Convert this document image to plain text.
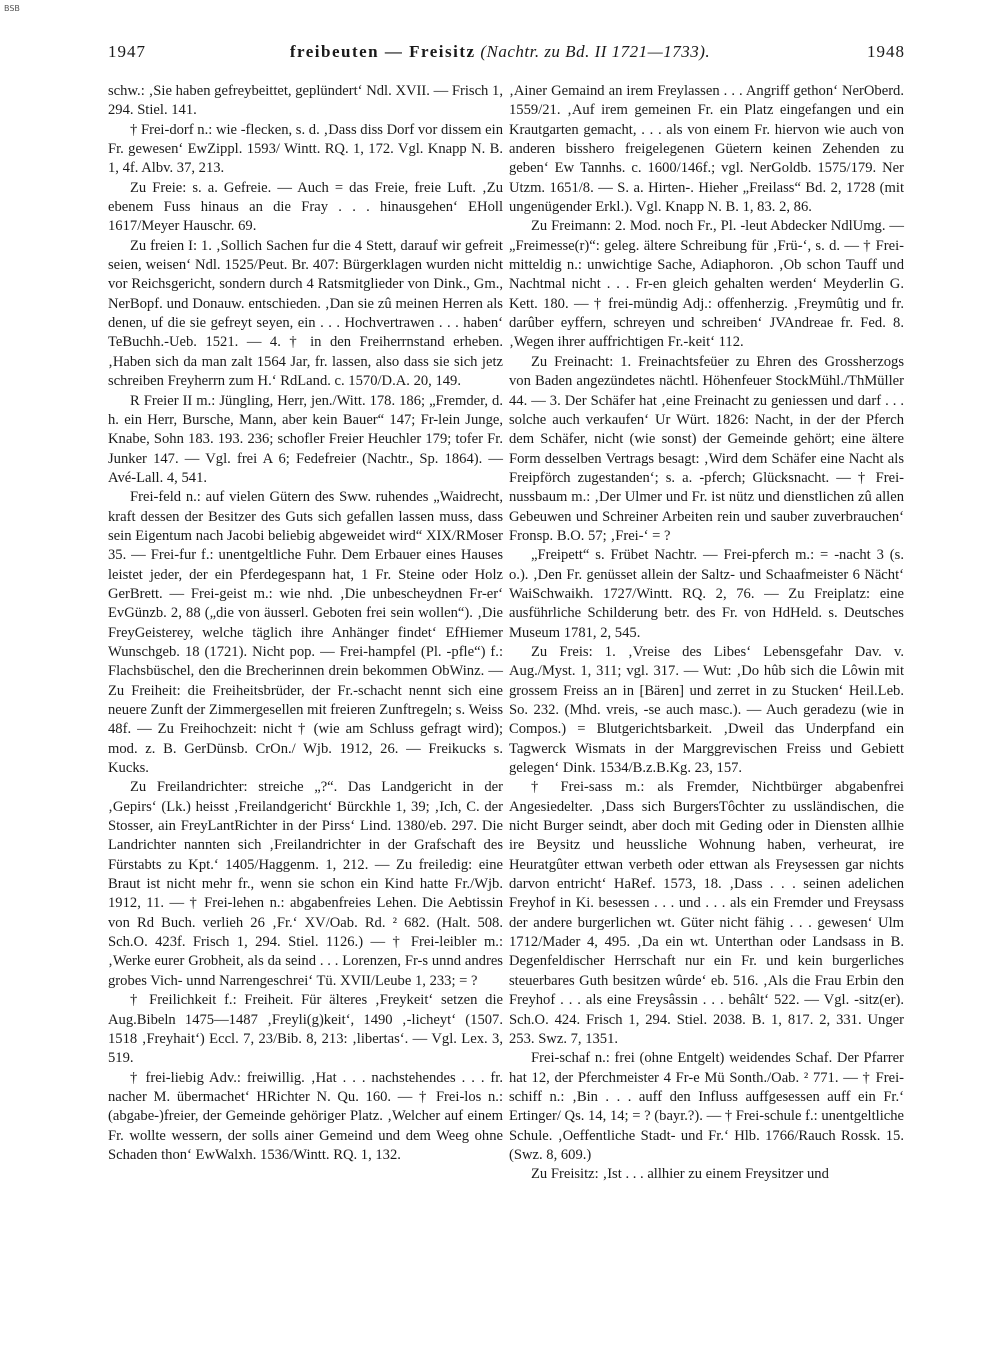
BSB
1947	freibeuten — Freisitz (Nachtr. zu Bd. II 1721—1733).	1948

schw.: ‚Sie haben gefreybeittet, geplündert‘ Ndl. XVII. — Frisch 1, 294. Stiel. 141.

† Frei-dorf n.: wie -flecken, s. d. ‚Dass diss Dorf vor dissem ein Fr. gewesen‘ EwZippl. 1593/ Wintt. RQ. 1, 172. Vgl. Knapp N. B. 1, 4f. Albv. 37, 213.

Zu Freie: s. a. Gefreie. — Auch = das Freie, freie Luft. ‚Zu ebenem Fuss hinaus an die Fray . . . hinausgehen‘ EHoll 1617/Meyer Hauschr. 69.

Zu freien I: 1. ‚Sollich Sachen fur die 4 Stett, darauf wir gefreit seien, weisen‘ Ndl. 1525/Peut. Br. 407: Bürgerklagen wurden nicht vor Reichsgericht, sondern durch 4 Ratsmitglieder von Dink., Gm., NerBopf. und Donauw. entschieden. ‚Dan sie zû meinen Herren als denen, uf die sie gefreyt seyen, ein . . . Hochvertrawen . . . haben‘ TeBuchh.-Ueb. 1521. — 4. † in den Freiherrnstand erheben. ‚Haben sich da man zalt 1564 Jar, fr. lassen, also dass sie sich jetz schreiben Freyherrn zum H.‘ RdLand. c. 1570/D.A. 20, 149.

R Freier II m.: Jüngling, Herr, jen./Witt. 178. 186; „Fremder, d. h. ein Herr, Bursche, Mann, aber kein Bauer“ 147; Fr-lein Junge, Knabe, Sohn 183. 193. 236; schofler Freier Heuchler 179; tofer Fr. Junker 147. — Vgl. frei A 6; Fedefreier (Nachtr., Sp. 1864). — Avé-Lall. 4, 541.

Frei-feld n.: auf vielen Gütern des Sww. ruhendes „Waidrecht, kraft dessen der Besitzer des Guts sich gefallen lassen muss, dass sein Eigentum nach Jacobi beliebig abgeweidet wird“ XIX/RMoser 35. — Frei-fur f.: unentgeltliche Fuhr. Dem Erbauer eines Hauses leistet jeder, der ein Pferdegespann hat, 1 Fr. Steine oder Holz GerBrett. — Frei-geist m.: wie nhd. ‚Die unbescheydnen Fr-er‘ EvGünzb. 2, 88 („die von äusserl. Geboten frei sein wollen“). ‚Die FreyGeisterey, welche täglich ihre Anhänger findet‘ EfHiemer Wunschgeb. 18 (1721). Nicht pop. — Frei-hampfel (Pl. -pfle“) f.: Flachsbüschel, den die Brecherinnen drein bekommen ObWinz. — Zu Freiheit: die Freiheitsbrüder, der Fr.-schacht nennt sich eine neuere Zunft der Zimmergesellen mit freieren Zunftregeln; s. Weiss 48f. — Zu Freihochzeit: nicht † (wie am Schluss gefragt wird); mod. z. B. GerDünsb. CrOn./ Wjb. 1912, 26. — Freikucks s. Kucks.

Zu Freilandrichter: streiche „?“. Das Landgericht in der ‚Gepirs‘ (Lk.) heisst ‚Freilandgericht‘ Bürckhle 1, 39; ‚Ich, C. der Stosser, ain FreyLantRichter in der Pirss‘ Lind. 1380/eb. 297. Die Landrichter nannten sich ‚Freilandrichter in der Grafschaft des Fürstabts zu Kpt.‘ 1405/Haggenm. 1, 212. — Zu freiledig: eine Braut ist nicht mehr fr., wenn sie schon ein Kind hatte Fr./Wjb. 1912, 11. — † Frei-lehen n.: abgabenfreies Lehen. Die Aebtissin von Rd Buch. verlieh 26 ‚Fr.‘ XV/Oab. Rd. ² 682. (Halt. 508. Sch.O. 423f. Frisch 1, 294. Stiel. 1126.) — † Frei-leibler m.: ‚Werke eurer Grobheit, als da seind . . . Lorenzen, Fr-s unnd andres grobes Vich- unnd Narrengeschrei‘ Tü. XVII/Leube 1, 233; = ?

† Freilichkeit f.: Freiheit. Für älteres ‚Freykeit‘ setzen die Aug.Bibeln 1475—1487 ‚Freyli(g)keit‘, 1490 ‚-licheyt‘ (1507. 1518 ‚Freyhait‘) Eccl. 7, 23/Bib. 8, 213: ‚libertas‘. — Vgl. Lex. 3, 519.

† frei-liebig Adv.: freiwillig. ‚Hat . . . nachstehendes . . . fr. nacher M. übermachet‘ HRichter N. Qu. 160. — † Frei-los n.: (abgabe-)freier, der Gemeinde gehöriger Platz. ‚Welcher auf einem Fr. wollte wessern, der solls ainer Gemeind und dem Weeg ohne Schaden thon‘ EwWalxh. 1536/Wintt. RQ. 1, 132.

‚Ainer Gemaind an irem Freylassen . . . Angriff gethon‘ NerOberd. 1559/21. ‚Auf irem gemeinen Fr. ein Platz eingefangen und ein Krautgarten gemacht, . . . als von einem Fr. hiervon wie auch von anderen bisshero freigelegenen Güetern keinen Zehenden zu geben‘ Ew Tannhs. c. 1600/146f.; vgl. NerGoldb. 1575/179. Ner Utzm. 1651/8. — S. a. Hirten-. Hieher „Freilass“ Bd. 2, 1728 (mit ungenügender Erkl.). Vgl. Knapp N. B. 1, 83. 2, 86.

Zu Freimann: 2. Mod. noch Fr., Pl. -leut Abdecker NdlUmg. — „Freimesse(r)“: geleg. ältere Schreibung für ‚Frü-‘, s. d. — † Frei-mitteldig n.: unwichtige Sache, Adiaphoron. ‚Ob schon Tauff und Nachtmal nicht . . . Fr-en gleich gehalten werden‘ Meyderlin G. Kett. 180. — † frei-mündig Adj.: offenherzig. ‚Freymûtig und fr. darûber eyffern, schreyen und schreiben‘ JVAndreae fr. Fed. 8. ‚Wegen ihrer auffrichtigen Fr.-keit‘ 112.

Zu Freinacht: 1. Freinachtsfeüer zu Ehren des Grossherzogs von Baden angezündetes nächtl. Höhenfeuer StockMühl./ThMüller 44. — 3. Der Schäfer hat ‚eine Freinacht zu geniessen und darf . . . solche auch verkaufen‘ Ur Würt. 1826: Nacht, in der der Pferch dem Schäfer, nicht (wie sonst) der Gemeinde gehört; eine ältere Form desselben Vertrags besagt: ‚Wird dem Schäfer eine Nacht als Freipförch zugestanden‘; s. a. -pferch; Glücksnacht. — † Frei-nussbaum m.: ‚Der Ulmer und Fr. ist nütz und dienstlichen zû allen Gebeuwen und Schreiner Arbeiten rein und sauber zuverbrauchen‘ Fronsp. B.O. 57; ‚Frei-‘ = ?

„Freipett“ s. Frübet Nachtr. — Frei-pferch m.: = -nacht 3 (s. o.). ‚Den Fr. genüsset allein der Saltz- und Schaafmeister 6 Nächt‘ WaiSchwaikh. 1727/Wintt. RQ. 2, 76. — Zu Freiplatz: eine ausführliche Schilderung betr. des Fr. von HdHeld. s. Deutsches Museum 1781, 2, 545.

Zu Freis: 1. ‚Vreise des Libes‘ Lebensgefahr Dav. v. Aug./Myst. 1, 311; vgl. 317. — Wut: ‚Do hûb sich die Lôwin mit grossem Freiss an in [Bären] und zerret in zu Stucken‘ Heil.Leb. So. 232. (Mhd. vreis, -se auch masc.). — Auch geradezu (wie in Compos.) = Blutgerichtsbarkeit. ‚Dweil das Underpfand ein Tagwerck Wismats in der Marggrevischen Freiss und Gebiett gelegen‘ Dink. 1534/B.z.B.Kg. 23, 157.

† Frei-sass m.: als Fremder, Nichtbürger abgabenfrei Angesiedelter. ‚Dass sich BurgersTôchter zu ussländischen, die nicht Burger seindt, aber doch mit Geding oder in Diensten allhie ire Beysitz und heussliche Wohnung haben, verheurat, ire Heuratgûter ettwan verbeth oder ettwan als Freysessen gar nichts darvon entricht‘ HaRef. 1573, 18. ‚Dass . . . seinen adelichen Freyhof in Ki. besessen . . . und . . . als ein Fremder und Freysass der andere burgerlichen wt. Güter nicht fähig . . . gewesen‘ Ulm 1712/Mader 4, 495. ‚Da ein wt. Unterthan oder Landsass in B. Degenfeldischer Herrschaft nur ein Fr. und kein burgerliches steuerbares Guth besitzen wûrde‘ eb. 516. ‚Als die Frau Erbin den Freyhof . . . als eine Freysâssin . . . behâlt‘ 522. — Vgl. -sitz(er). Sch.O. 424. Frisch 1, 294. Stiel. 2038. B. 1, 817. 2, 331. Unger 253. Swz. 7, 1351.

Frei-schaf n.: frei (ohne Entgelt) weidendes Schaf. Der Pfarrer hat 12, der Pferchmeister 4 Fr-e Mü Sonth./Oab. ² 771. — † Frei-schiff n.: ‚Bin . . . auff den Influss auffgesessen auff ein Fr.‘ Ertinger/ Qs. 14, 14; = ? (bayr.?). — † Frei-schule f.: unentgeltliche Schule. ‚Oeffentliche Stadt- und Fr.‘ Hlb. 1766/Rauch Rossk. 15. (Swz. 8, 609.)

Zu Freisitz: ‚Ist . . . allhier zu einem Freysitzer und
